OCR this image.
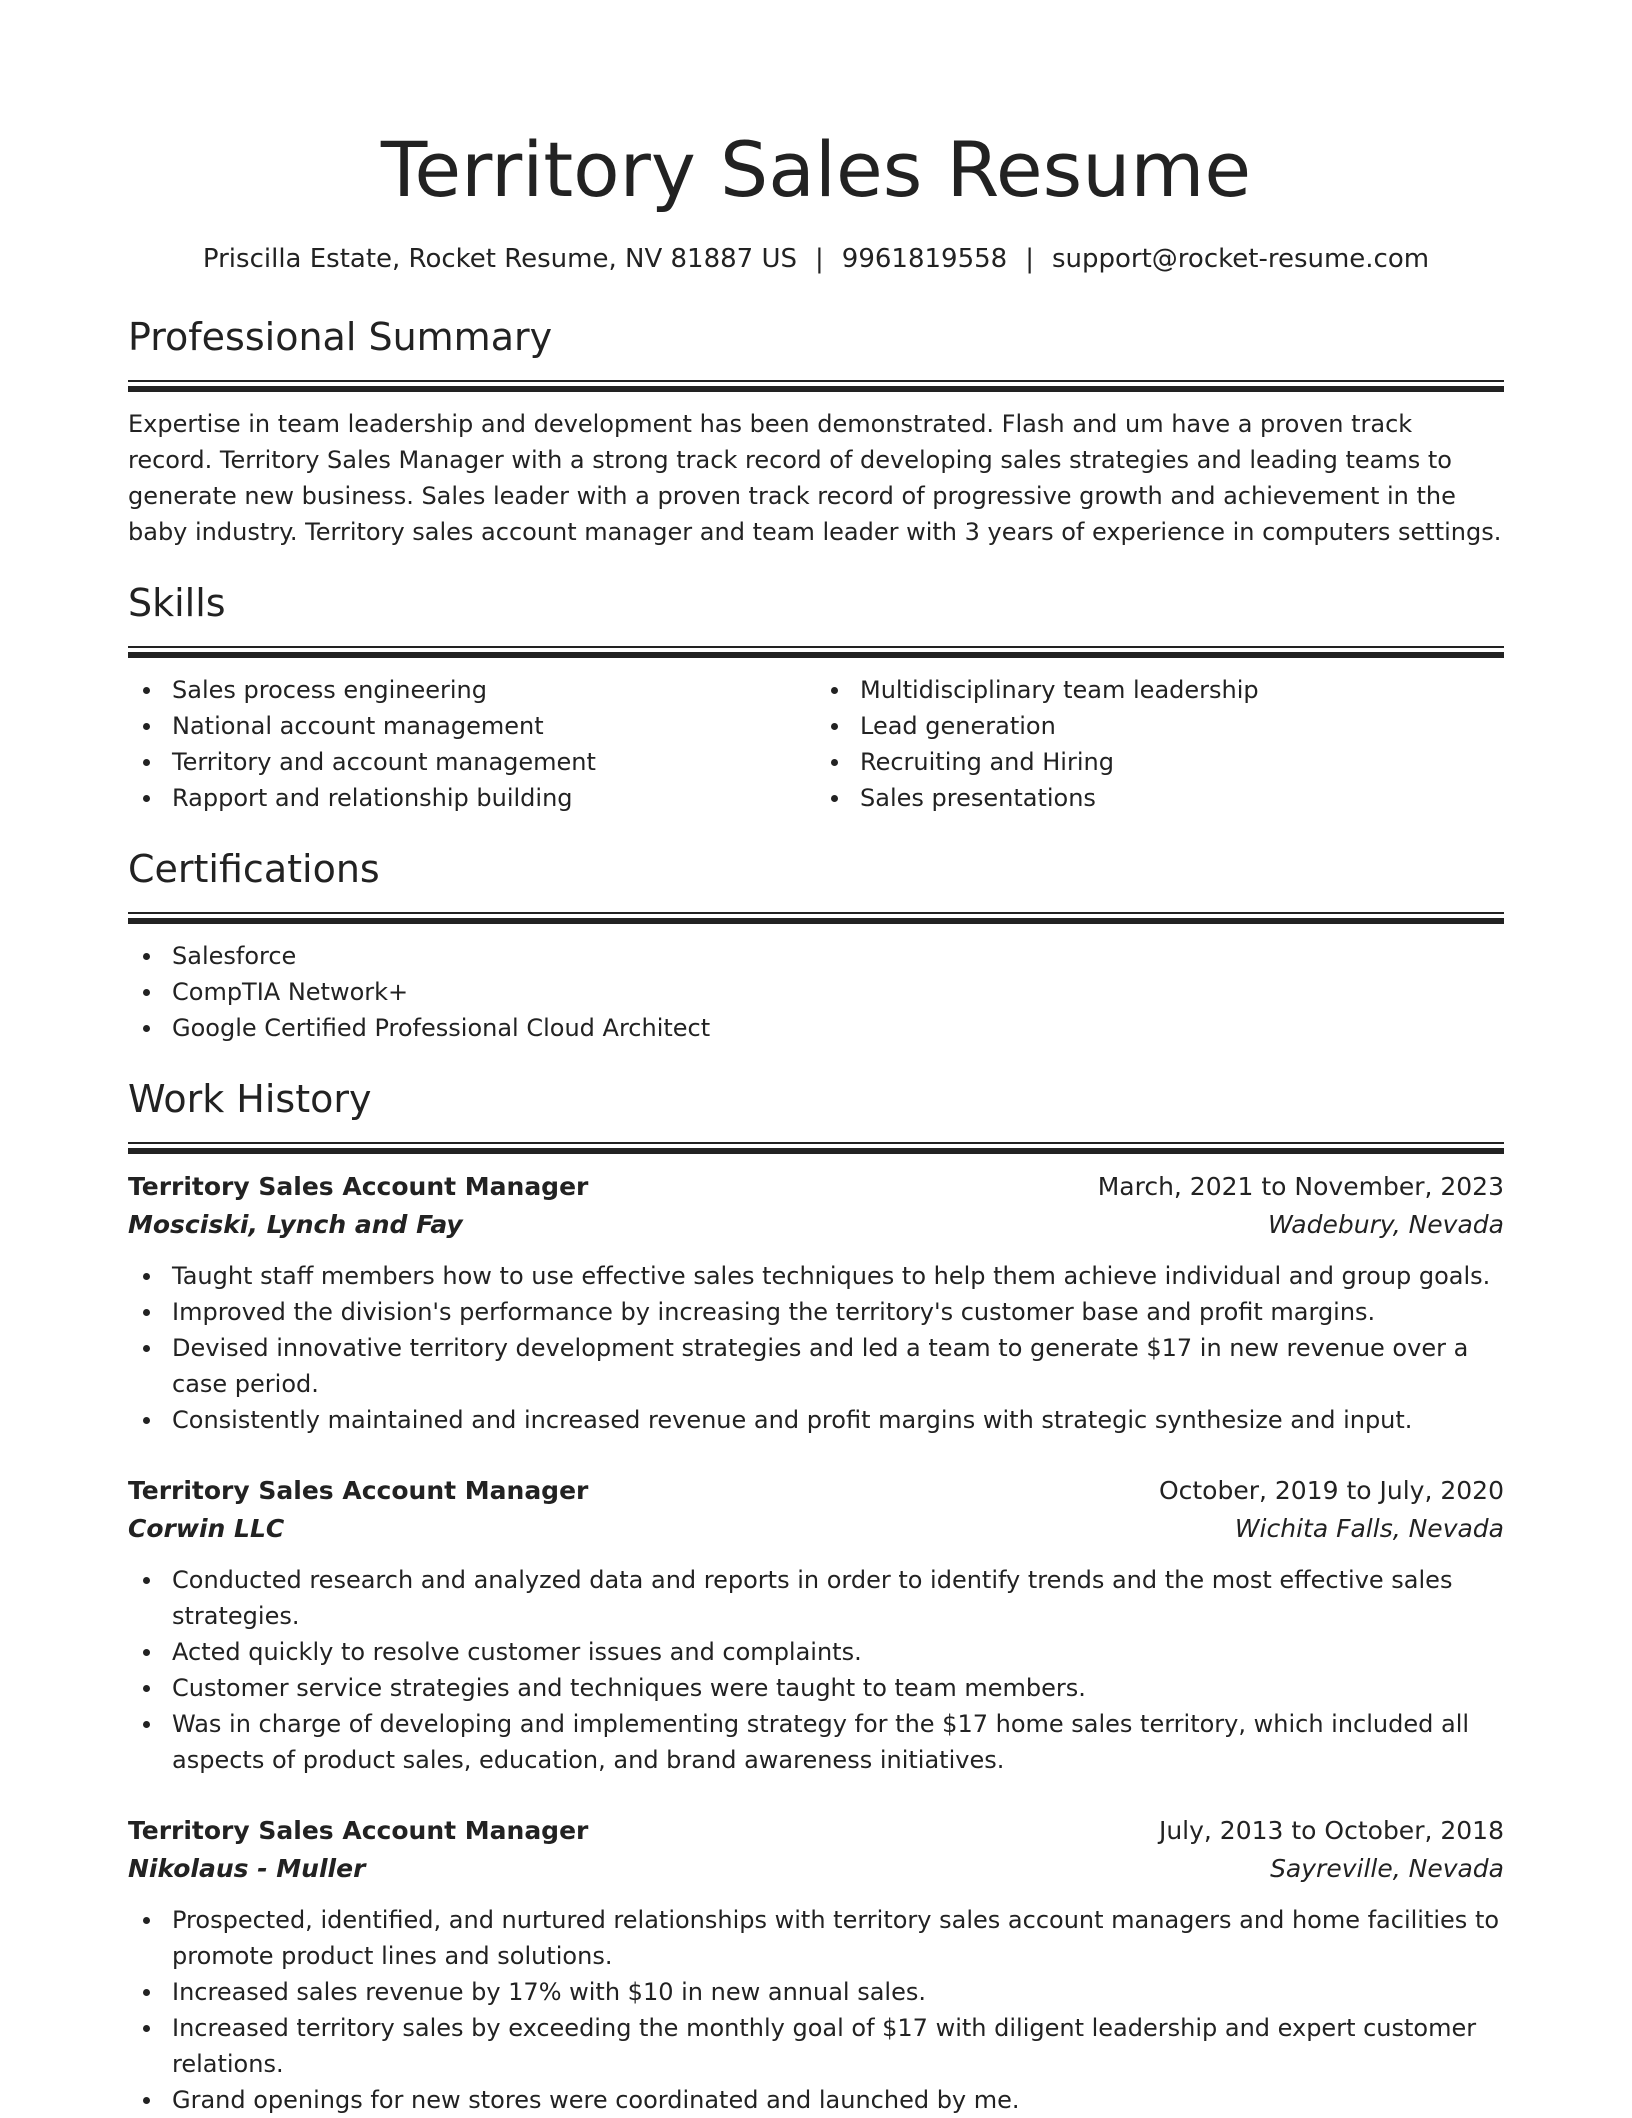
Territory Sales Resume
Priscilla Estate, Rocket Resume, NV 81887 US | 9961819558 | support@rocket-resume.com
Professional Summary
Expertise in team leadership and development has been demonstrated. Flash and um have a proven track record. Territory Sales Manager with a strong track record of developing sales strategies and leading teams to generate new business. Sales leader with a proven track record of progressive growth and achievement in the baby industry. Territory sales account manager and team leader with 3 years of experience in computers settings.
Skills
Sales process engineering
National account management
Territory and account management
Rapport and relationship building
Multidisciplinary team leadership
Lead generation
Recruiting and Hiring
Sales presentations
Certifications
Salesforce
CompTIA Network+
Google Certified Professional Cloud Architect
Work History
Territory Sales Account Manager	March, 2021 to November, 2023
Mosciski, Lynch and Fay	Wadebury, Nevada
Taught staff members how to use effective sales techniques to help them achieve individual and group goals.
Improved the division's performance by increasing the territory's customer base and profit margins.
Devised innovative territory development strategies and led a team to generate $17 in new revenue over a case period.
Consistently maintained and increased revenue and profit margins with strategic synthesize and input.
Territory Sales Account Manager	October, 2019 to July, 2020
Corwin LLC	Wichita Falls, Nevada
Conducted research and analyzed data and reports in order to identify trends and the most effective sales strategies.
Acted quickly to resolve customer issues and complaints.
Customer service strategies and techniques were taught to team members.
Was in charge of developing and implementing strategy for the $17 home sales territory, which included all aspects of product sales, education, and brand awareness initiatives.
Territory Sales Account Manager	July, 2013 to October, 2018
Nikolaus - Muller	Sayreville, Nevada
Prospected, identified, and nurtured relationships with territory sales account managers and home facilities to promote product lines and solutions.
Increased sales revenue by 17% with $10 in new annual sales.
Increased territory sales by exceeding the monthly goal of $17 with diligent leadership and expert customer relations.
Grand openings for new stores were coordinated and launched by me.
